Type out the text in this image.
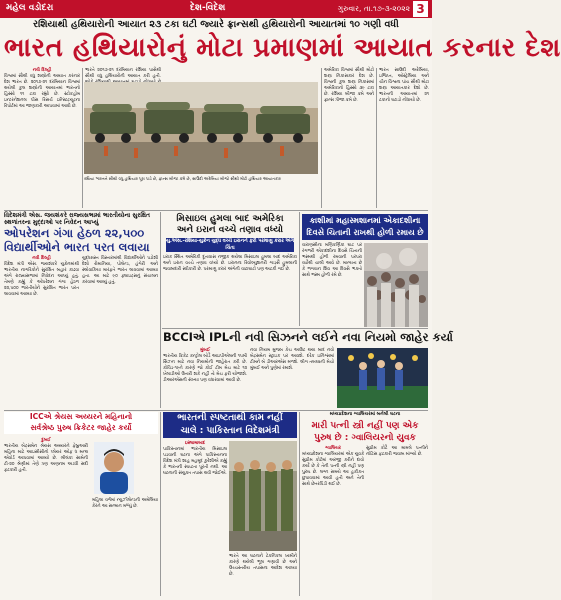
મહેલ વડોદરા	દેશ-વિદેશ	ગુરુવાર, તા.૧૭-૩-૨૦૨૨ 3
રશિયાથી હથિયારોની આયાત ૨૩ ટકા ઘટી જ્યારે ફ્રાન્સથી હથિયારોની આયાતમાં ૧૦ ગણી વધી
ભારત હથિયારોનું મોટા પ્રમાણમાં આયાત કરનાર દેશ
નવી દિલ્હી

વિશ્વમાં સૌથી વધુ શસ્ત્રોની આયાત કરનાર દેશ ભારત છે. ૨૦૧૭-૨૧ દરમિયાન વિશ્વમાં થયેલી કુલ શસ્ત્રોની આયાતમાં ભારતનો હિસ્સો ૧૧ ટકા રહ્યો છે. સ્ટોકહોમ ઇન્ટરનેશનલ પીસ રિસર્ચ ઇન્સ્ટિટ્યૂટના રિપોર્ટમાં આ જાણકારી આપવામાં આવી છે.

ભારતે ૨૦૧૭-૨૧ દરમિયાન રશિયા પાસેથી સૌથી વધુ હથિયારોની આયાત કરી હતી.

રશિયા ભારતને સૌથી વધુ હથિયાર પૂરા પાડે છે, ફ્રાન્સ બીજા ક્રમે છે, સાઉદી અરેબિયા બીજો સૌથી મોટો હથિયાર આયાતકાર

અમેરિકા વિશ્વમાં સૌથી મોટો શસ્ત્ર નિકાસકાર દેશ છે. વિશ્વની કુલ શસ્ત્ર નિકાસમાં અમેરિકાનો હિસ્સો ૩૯ ટકા છે. રશિયા બીજા ક્રમે અને ફ્રાન્સ ત્રીજા ક્રમે છે.

ભારત સાઉદી અરેબિયા, ઇજિપ્ત, ઓસ્ટ્રેલિયા અને ચીન વિશ્વના પાંચ સૌથી મોટા શસ્ત્ર આયાતકાર દેશો છે. ભારતની આયાતમાં ૨૧ ટકાનો ઘટાડો નોંધાયો છે.

વિદેશમંત્રી એસ. જયશંકરે રાજ્યસભામાં ભારતીયોના સુરક્ષિત સ્થળાંતરના મુદ્દાઓ પર નિવેદન આપ્યું
ઓપરેશન ગંગા હેઠળ ૨૨,૫૦૦ વિદ્યાર્થીઓને ભારત પરત લવાયા
નવી દિલ્હી

વિદેશ મંત્રી એસ. જયશંકરે યુક્રેનમાંથી ભારતીય નાગરિકોને સુરક્ષિત બહાર કાઢવા અંગે રાજ્યસભામાં નિવેદન આપ્યું હતું. તેમણે કહ્યું કે ઓપરેશન ગંગા હેઠળ ૨૨,૫૦૦ ભારતીયોને સુરક્ષિત ભારત પરત લાવવામાં આવ્યા છે.

યુદ્ધગ્રસ્ત વિસ્તારમાંથી વિદ્યાર્થીઓને પડોશી દેશો રોમાનિયા, પોલેન્ડ, હંગેરી અને સ્લોવાકિયા મારફતે ભારત લાવવામાં આવ્યા હતા. આ માટે ૯૦ ફ્લાઇટ્સનું સંચાલન કરવામાં આવ્યું હતું.

મિસાઇલ હુમલા બાદ અમેરિકા
અને ઇરાન વચ્ચે તણાવ વધ્યો
યુ.એસ.-રશિયા-યુક્રેન યુદ્ધ વચ્ચે ઇરાનને ફરી પરમાણુ કરાર અંગે ચિંતા

ઇરાક સ્થિત અમેરિકી દૂતાવાસ નજીક થયેલા મિસાઇલ હુમલા બાદ અમેરિકા અને ઇરાન વચ્ચે તણાવ વધ્યો છે. ઇરાનના રિવોલ્યુશનરી ગાર્ડ્સે હુમલાની જવાબદારી સ્વીકારી છે. પરમાણુ કરાર અંગેની વાટાઘાટો પણ અટકી ગઈ છે.

કાશીમાં મહાસ્મશાનમાં એકાદશીના
દિવસે ચિતાની રાખથી હોળી રમાય છે

વારાણસીના મણિકર્ણિકા ઘાટ પર રંગભરી એકાદશીના દિવસે ચિતાની ભસ્મથી હોળી રમવાની પરંપરા વર્ષોથી ચાલી આવે છે. માન્યતા છે કે ભગવાન શિવ આ દિવસે ભક્તો સાથે ભસ્મ હોળી રમે છે.

BCCIએ IPLની નવી સિઝનને લઈને નવા નિયમો જાહેર કર્યા
મુંબઈ

ભારતીય ક્રિકેટ કન્ટ્રોલ બોર્ડે આઇપીએલની ૧૫મી સિઝન માટે નવા નિયમોની જાહેરાત કરી છે. કોવિડ-૧૯ને કારણે જો કોઈ ટીમ મેચ માટે ૧૨ ખેલાડીઓ ઉતારી શકે નહીં તો મેચ ફરી યોજાશે. ડીઆરએસની સંખ્યા પણ વધારવામાં આવી છે.

નવા નિયમ મુજબ કેચ આઉટ થયા બાદ નવો બેટ્સમેન સ્ટ્રાઇક પર આવશે. દરેક ઇનિંગ્સમાં ટીમને બે ડીઆરએસ મળશે. લીગ તબક્કાની મેચો મુંબઈ અને પુણેમાં રમાશે.

ICCએ શ્રેયસ અય્યરને મહિનાનો
સર્વશ્રેષ્ઠ પુરુષ ક્રિકેટર જાહેર કર્યો
દુબઈ

ભારતીય બેટ્સમેન શ્રેયસ અય્યરને ફેબ્રુઆરી મહિના માટે આઇસીસીનો પ્લેયર ઓફ ધ મન્થ એવોર્ડ આપવામાં આવ્યો છે. શ્રીલંકા સામેની ટી-૨૦ શ્રેણીમાં તેણે ત્રણ અણનમ અડધી સદી ફટકારી હતી.

મહિલા વર્ગમાં ન્યુઝીલેન્ડની અમેલિયા કેરને આ સન્માન મળ્યું છે.

ભારતની સ્પષ્ટતાથી કામ નહીં
ચાલે : પાકિસ્તાન વિદેશમંત્રી
ઇસ્લામાબાદ

પાકિસ્તાનમાં ભારતીય મિસાઇલ પડવાની ઘટના અંગે પાકિસ્તાનના વિદેશ મંત્રી શાહ મહમૂદ કુરેશીએ કહ્યું કે ભારતની સ્પષ્ટતા પૂરતી નથી. આ ઘટનાની સંયુક્ત તપાસ થવી જોઈએ.

ભારતે આ ઘટનાને ટેકનિકલ ખામીને કારણે થયેલી ભૂલ ગણાવી છે અને ઉચ્ચસ્તરીય તપાસના આદેશ આપ્યા છે.

મધ્યપ્રદેશના ગ્વાલિયરમાં બનેલી ઘટના
મારી પત્ની સ્ત્રી નહીં પણ એક
પુરુષ છે : ગ્વાલિયરનો યુવક
ગ્વાલિયર

મધ્યપ્રદેશના ગ્વાલિયરમાં એક યુવકે સુપ્રીમ કોર્ટમાં અરજી કરીને દાવો કર્યો છે કે તેની પત્ની સ્ત્રી નહીં પણ પુરુષ છે. લગ્ન સમયે આ હકીકત છુપાવવામાં આવી હતી અને તેની સાથે છેતરપિંડી થઈ છે.

સુપ્રીમ કોર્ટે આ મામલે પત્નીને નોટિસ ફટકારી જવાબ માંગ્યો છે.
